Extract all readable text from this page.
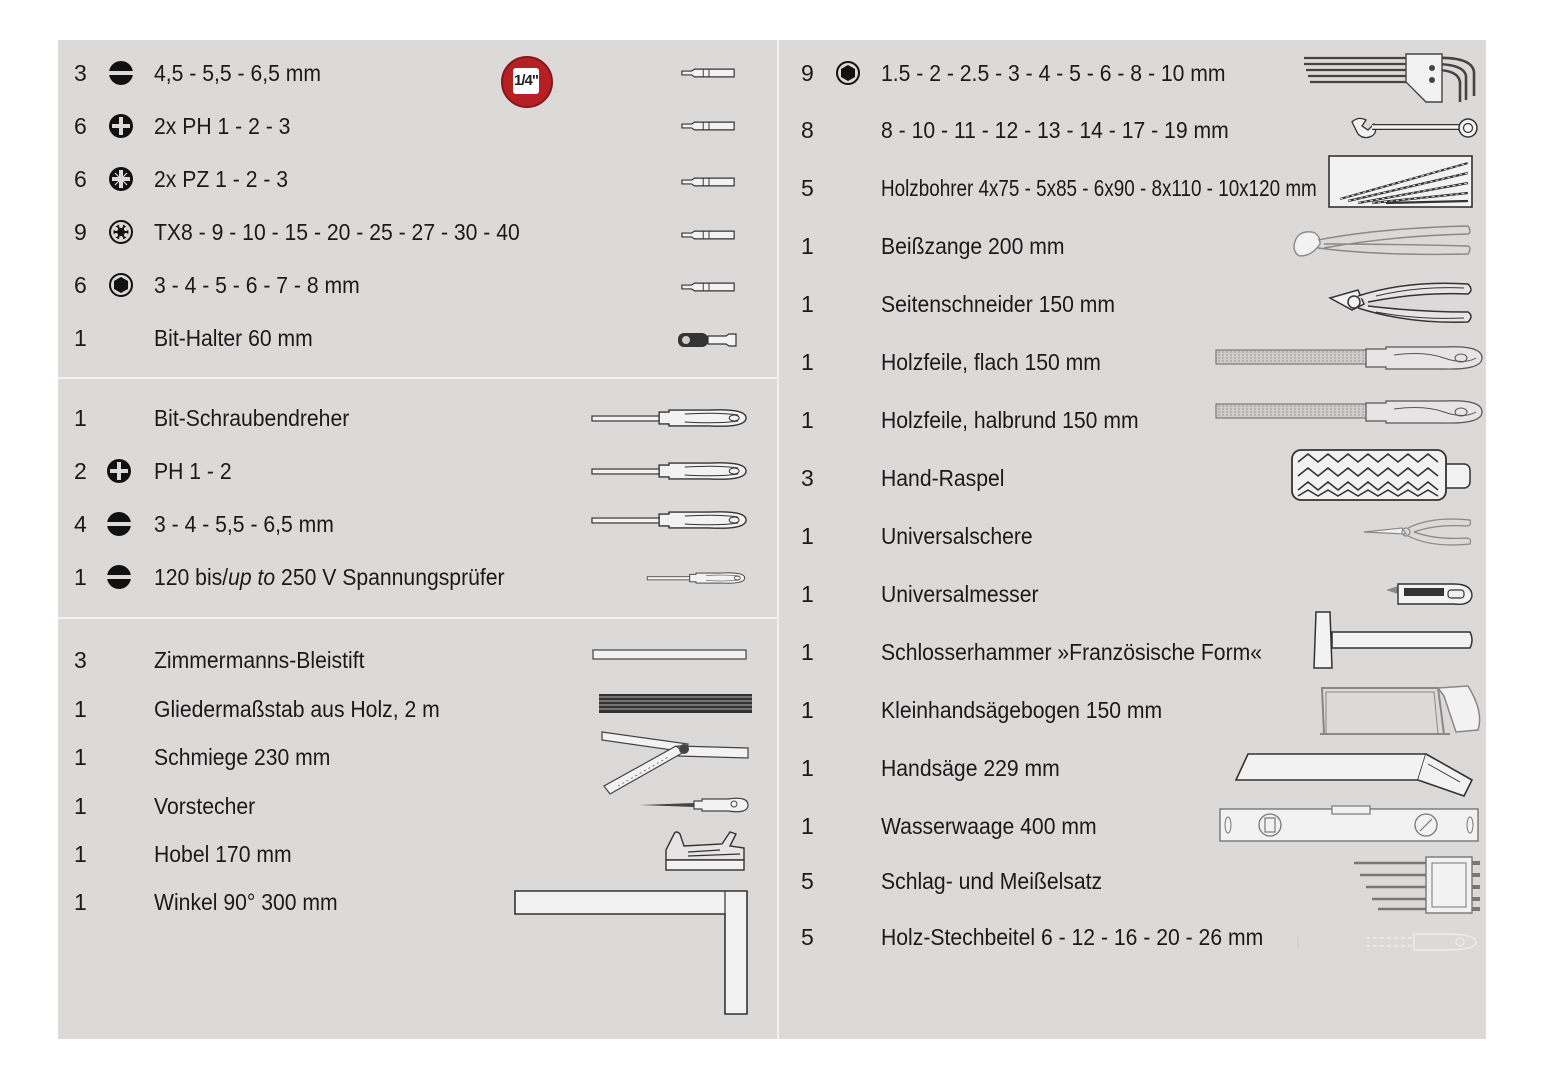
1/4"
3	4,5 - 5,5 - 6,5 mm
6	2x PH 1 - 2 - 3
6	2x PZ 1 - 2 - 3
9	TX8 - 9 - 10 - 15 - 20 - 25 - 27 - 30 - 40
6	3 - 4 - 5 - 6 - 7 - 8 mm
1	Bit-Halter 60 mm
1	Bit-Schraubendreher
2	PH 1 - 2
4	3 - 4 - 5,5 - 6,5 mm
1	120 bis/up to 250 V Spannungsprüfer
3	Zimmermanns-Bleistift
1	Gliedermaßstab aus Holz, 2 m
1	Schmiege 230 mm
1	Vorstecher
1	Hobel 170 mm
1	Winkel 90° 300 mm
9	1.5 - 2 - 2.5 - 3 - 4 - 5 - 6 - 8 - 10 mm
8	8 - 10 - 11 - 12 - 13 - 14 - 17 - 19 mm
5	Holzbohrer 4x75 - 5x85 - 6x90 - 8x110 - 10x120 mm
1	Beißzange 200 mm
1	Seitenschneider 150 mm
1	Holzfeile, flach 150 mm
1	Holzfeile, halbrund 150 mm
3	Hand-Raspel
1	Universalschere
1	Universalmesser
1	Schlosserhammer »Französische Form«
1	Kleinhandsägebogen 150 mm
1	Handsäge 229 mm
1	Wasserwaage 400 mm
5	Schlag- und Meißelsatz
5	Holz-Stechbeitel 6 - 12 - 16 - 20 - 26 mm
